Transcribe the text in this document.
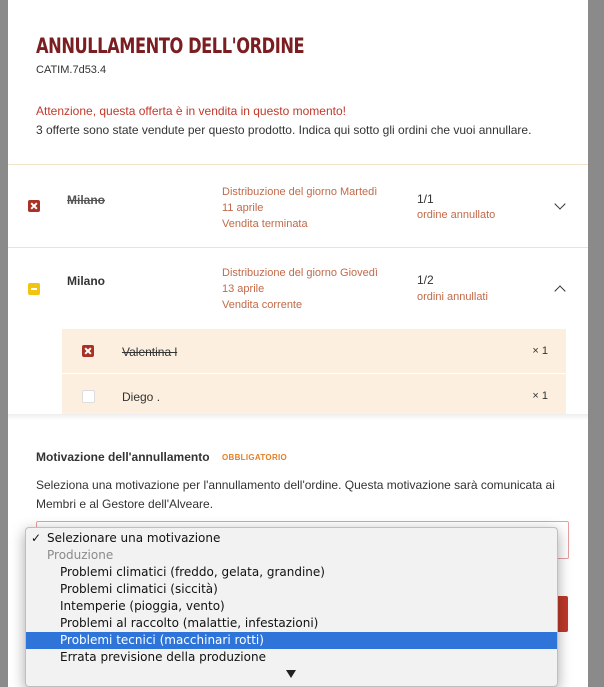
ANNULLAMENTO DELL'ORDINE
CATIM.7d53.4
Attenzione, questa offerta è in vendita in questo momento!
3 offerte sono state vendute per questo prodotto. Indica qui sotto gli ordini che vuoi annullare.
Milano
Distribuzione del giorno Martedì
11 aprile
Vendita terminata
1/1
ordine annullato
Milano
Distribuzione del giorno Giovedì
13 aprile
Vendita corrente
1/2
ordini annullati
Valentina l	× 1
Diego .	× 1
Motivazione dell'annullamento OBBLIGATORIO
Seleziona una motivazione per l'annullamento dell'ordine. Questa motivazione sarà comunicata ai Membri e al Gestore dell'Alveare.
✓ Selezionare una motivazione
Produzione
Problemi climatici (freddo, gelata, grandine)
Problemi climatici (siccità)
Intemperie (pioggia, vento)
Problemi al raccolto (malattie, infestazioni)
Problemi tecnici (macchinari rotti)
Errata previsione della produzione
